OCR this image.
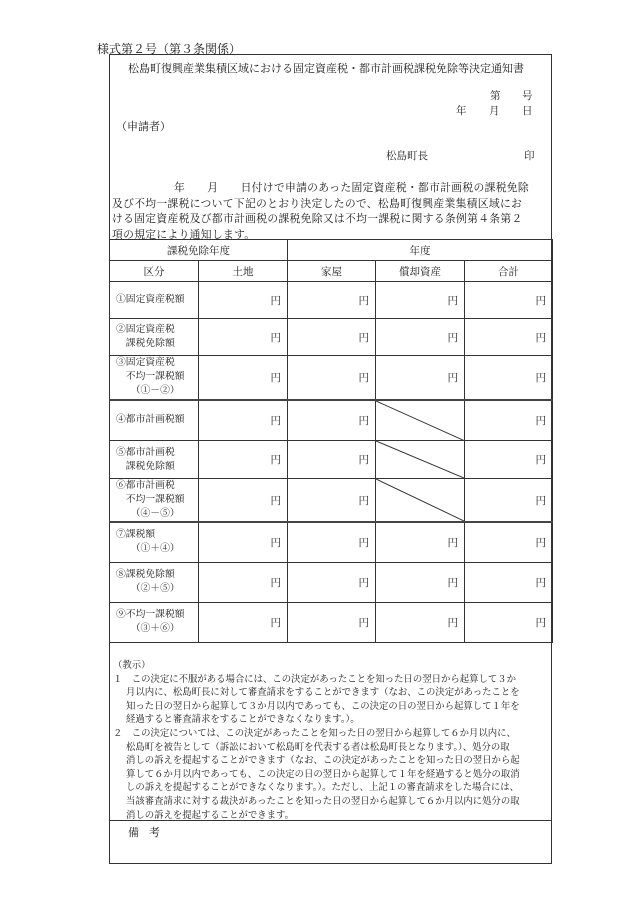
様式第２号（第３条関係）
松島町復興産業集積区域における固定資産税・都市計画税課税免除等決定通知書
第 号
年 月 日
（申請者）
松島町長	印
年　　月　　日付けで申請のあった固定資産税・都市計画税の課税免除
及び不均一課税について下記のとおり決定したので、松島町復興産業集積区域にお
ける固定資産税及び都市計画税の課税免除又は不均一課税に関する条例第４条第２
項の規定により通知します。
課税免除年度		年度		
区分	土地	家屋	償却資産	合計

①固定資産税額	円	円	円	円

②固定資産税
　課税免除額	円	円	円	円

③固定資産税
　不均一課税額
　　（①－②）	円	円	円	円

④都市計画税額	円	円		円

⑤都市計画税
　課税免除額	円	円		円

⑥都市計画税
　不均一課税額
　　（④－⑤）	円	円		円

⑦課税額
　　（①＋④）	円	円	円	円

⑧課税免除額
　　（②＋⑤）	円	円	円	円

⑨不均一課税額
　　（③＋⑥）	円	円	円	円
（教示）
１　この決定に不服がある場合には、この決定があったことを知った日の翌日から起算して３か
月以内に、松島町長に対して審査請求をすることができます（なお、この決定があったことを
知った日の翌日から起算して３か月以内であっても、この決定の日の翌日から起算して１年を
経過すると審査請求をすることができなくなります。）。
２　この決定については、この決定があったことを知った日の翌日から起算して６か月以内に、
松島町を被告として（訴訟において松島町を代表する者は松島町長となります。）、処分の取
消しの訴えを提起することができます（なお、この決定があったことを知った日の翌日から起
算して６か月以内であっても、この決定の日の翌日から起算して１年を経過すると処分の取消
しの訴えを提起することができなくなります。）。ただし、上記１の審査請求をした場合には、
当該審査請求に対する裁決があったことを知った日の翌日から起算して６か月以内に処分の取
消しの訴えを提起することができます。
備考
